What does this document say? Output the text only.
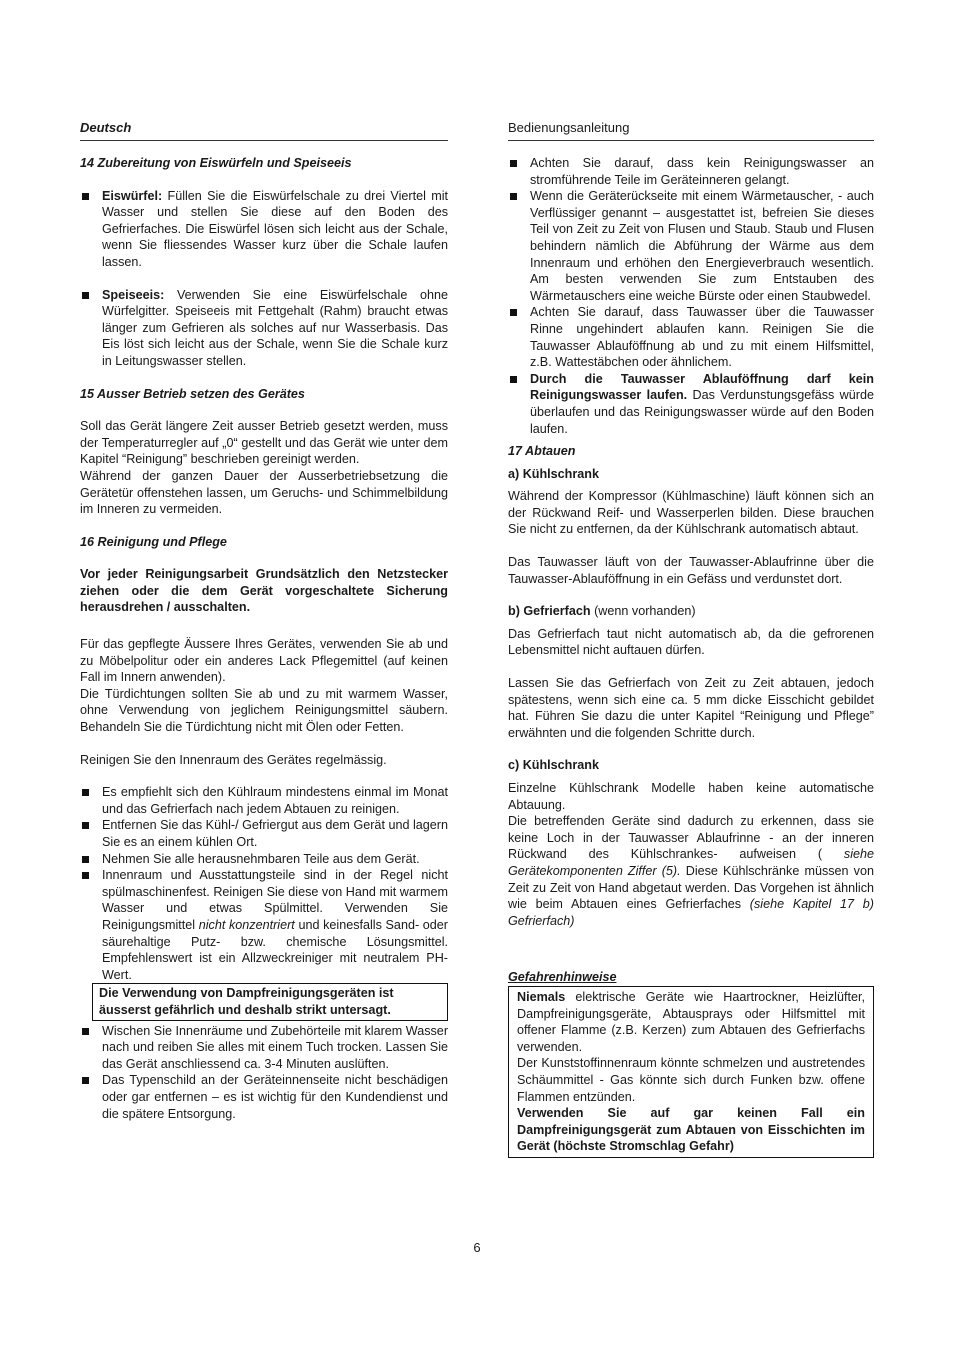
Deutsch
14 Zubereitung von Eiswürfeln und Speiseeis
Eiswürfel: Füllen Sie die Eiswürfelschale zu drei Viertel mit Wasser und stellen Sie diese auf den Boden des Gefrierfaches. Die Eiswürfel lösen sich leicht aus der Schale, wenn Sie fliessendes Wasser kurz über die Schale laufen lassen.
Speiseeis: Verwenden Sie eine Eiswürfelschale ohne Würfelgitter. Speiseeis mit Fettgehalt (Rahm) braucht etwas länger zum Gefrieren als solches auf nur Wasserbasis. Das Eis löst sich leicht aus der Schale, wenn Sie die Schale kurz in Leitungswasser stellen.
15 Ausser Betrieb setzen des Gerätes

Soll das Gerät längere Zeit ausser Betrieb gesetzt werden, muss der Temperaturregler auf „0“ gestellt und das Gerät wie unter dem Kapitel “Reinigung” beschrieben gereinigt werden.

Während der ganzen Dauer der Ausserbetriebsetzung die Gerätetür offenstehen lassen, um Geruchs- und Schimmelbildung im Inneren zu vermeiden.

16 Reinigung und Pflege
Vor jeder Reinigungsarbeit Grundsätzlich den Netzstecker ziehen oder die dem Gerät vorgeschaltete Sicherung herausdrehen / ausschalten.

Für das gepflegte Äussere Ihres Gerätes, verwenden Sie ab und zu Möbelpolitur oder ein anderes Lack Pflegemittel (auf keinen Fall im Innern anwenden).

Die Türdichtungen sollten Sie ab und zu mit warmem Wasser, ohne Verwendung von jeglichem Reinigungsmittel säubern. Behandeln Sie die Türdichtung nicht mit Ölen oder Fetten.

Reinigen Sie den Innenraum des Gerätes regelmässig.

Es empfiehlt sich den Kühlraum mindestens einmal im Monat und das Gefrierfach nach jedem Abtauen zu reinigen.
Entfernen Sie das Kühl-/ Gefriergut aus dem Gerät und lagern Sie es an einem kühlen Ort.
Nehmen Sie alle herausnehmbaren Teile aus dem Gerät.
Innenraum und Ausstattungsteile sind in der Regel nicht spülmaschinenfest. Reinigen Sie diese von Hand mit warmem Wasser und etwas Spülmittel. Verwenden Sie Reinigungsmittel nicht konzentriert und keinesfalls Sand- oder säurehaltige Putz- bzw. chemische Lösungsmittel. Empfehlenswert ist ein Allzweckreiniger mit neutralem PH-Wert.
Die Verwendung von Dampfreinigungsgeräten ist äusserst gefährlich und deshalb strikt untersagt.
Wischen Sie Innenräume und Zubehörteile mit klarem Wasser nach und reiben Sie alles mit einem Tuch trocken. Lassen Sie das Gerät anschliessend ca. 3-4 Minuten auslüften.
Das Typenschild an der Geräteinnenseite nicht beschädigen oder gar entfernen – es ist wichtig für den Kundendienst und die spätere Entsorgung.
Bedienungsanleitung
Achten Sie darauf, dass kein Reinigungswasser an stromführende Teile im Geräteinneren gelangt.
Wenn die Geräterückseite mit einem Wärmetauscher, - auch Verflüssiger genannt – ausgestattet ist, befreien Sie dieses Teil von Zeit zu Zeit von Flusen und Staub. Staub und Flusen behindern nämlich die Abführung der Wärme aus dem Innenraum und erhöhen den Energieverbrauch wesentlich. Am besten verwenden Sie zum Entstauben des Wärmetauschers eine weiche Bürste oder einen Staubwedel.
Achten Sie darauf, dass Tauwasser über die Tauwasser Rinne ungehindert ablaufen kann. Reinigen Sie die Tauwasser Ablauföffnung ab und zu mit einem Hilfsmittel, z.B. Wattestäbchen oder ähnlichem.
Durch die Tauwasser Ablauföffnung darf kein Reinigungswasser laufen. Das Verdunstungsgefäss würde überlaufen und das Reinigungswasser würde auf den Boden laufen.
17 Abtauen
a) Kühlschrank

Während der Kompressor (Kühlmaschine) läuft können sich an der Rückwand Reif- und Wasserperlen bilden. Diese brauchen Sie nicht zu entfernen, da der Kühlschrank automatisch abtaut.

Das Tauwasser läuft von der Tauwasser-Ablaufrinne über die Tauwasser-Ablauföffnung in ein Gefäss und verdunstet dort.

b) Gefrierfach (wenn vorhanden)

Das Gefrierfach taut nicht automatisch ab, da die gefrorenen Lebensmittel nicht auftauen dürfen.

Lassen Sie das Gefrierfach von Zeit zu Zeit abtauen, jedoch spätestens, wenn sich eine ca. 5 mm dicke Eisschicht gebildet hat. Führen Sie dazu die unter Kapitel “Reinigung und Pflege” erwähnten und die folgenden Schritte durch.

c) Kühlschrank

Einzelne Kühlschrank Modelle haben keine automatische Abtauung.

Die betreffenden Geräte sind dadurch zu erkennen, dass sie keine Loch in der Tauwasser Ablaufrinne - an der inneren Rückwand des Kühlschrankes- aufweisen ( siehe Gerätekomponenten Ziffer (5). Diese Kühlschränke müssen von Zeit zu Zeit von Hand abgetaut werden. Das Vorgehen ist ähnlich wie beim Abtauen eines Gefrierfaches (siehe Kapitel 17 b) Gefrierfach)

Gefahrenhinweise

Niemals elektrische Geräte wie Haartrockner, Heizlüfter, Dampfreinigungsgeräte, Abtausprays oder Hilfsmittel mit offener Flamme (z.B. Kerzen) zum Abtauen des Gefrierfachs verwenden.

Der Kunststoffinnenraum könnte schmelzen und austretendes Schäummittel - Gas könnte sich durch Funken bzw. offene Flammen entzünden.

Verwenden Sie auf gar keinen Fall ein Dampfreinigungsgerät zum Abtauen von Eisschichten im Gerät (höchste Stromschlag Gefahr)

6
